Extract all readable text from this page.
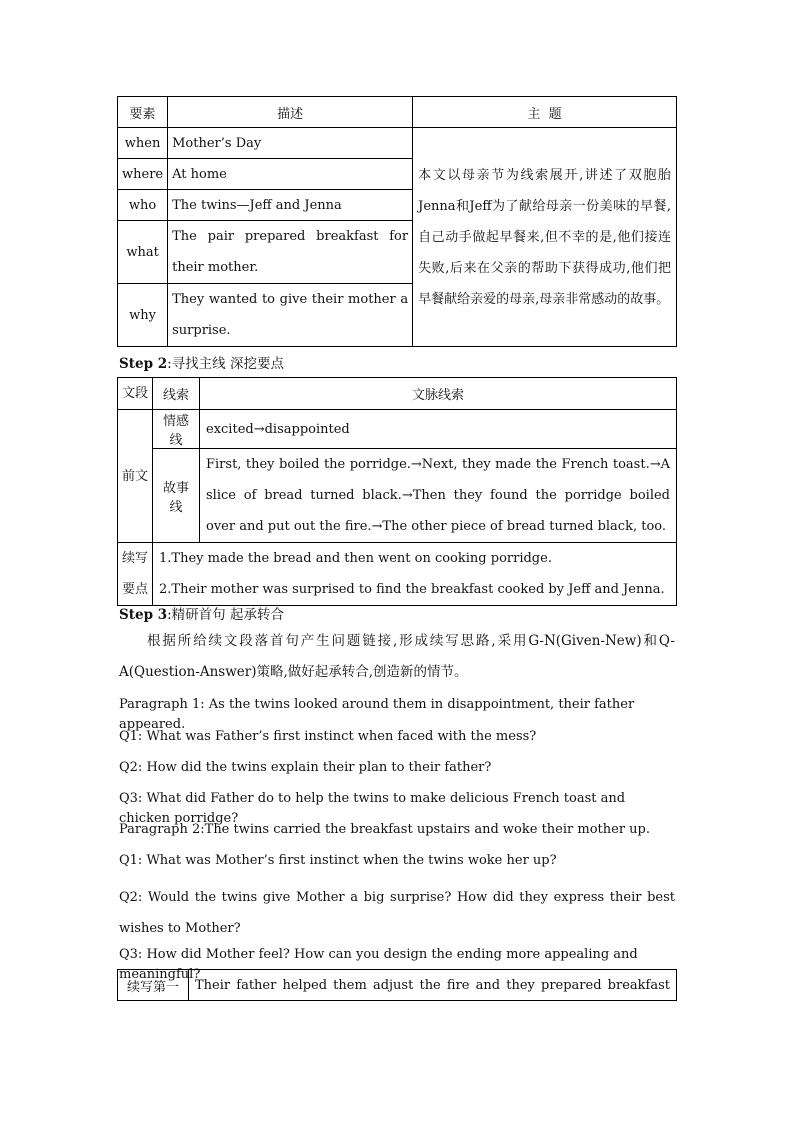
要素	描述	主  题
when	Mother’s Day	本文以母亲节为线索展开,讲述了双胞胎Jenna和Jeff为了献给母亲一份美味的早餐,自己动手做起早餐来,但不幸的是,他们接连失败,后来在父亲的帮助下获得成功,他们把早餐献给亲爱的母亲,母亲非常感动的故事。
where	At home	
who	The twins—Jeff and Jenna	
what	The pair prepared breakfast for their mother.	
why	They wanted to give their mother a surprise.	
Step 2:寻找主线 深挖要点
文段	线索	文脉线索
前文	情感线	excited→disappointed
	故事线	First, they boiled the porridge.→Next, they made the French toast.→A slice of bread turned black.→Then they found the porridge boiled over and put out the fire.→The other piece of bread turned black, too.
续写要点	1.They made the bread and then went on cooking porridge.
2.Their mother was surprised to find the breakfast cooked by Jeff and Jenna.	
Step 3:精研首句 起承转合
根据所给续文段落首句产生问题链接,形成续写思路,采用G-N(Given-New)和Q-A(Question-Answer)策略,做好起承转合,创造新的情节。
Paragraph 1: As the twins looked around them in disappointment, their father appeared.
Q1: What was Father’s first instinct when faced with the mess?
Q2: How did the twins explain their plan to their father?
Q3: What did Father do to help the twins to make delicious French toast and chicken porridge?
Paragraph 2:The twins carried the breakfast upstairs and woke their mother up.
Q1: What was Mother’s first instinct when the twins woke her up?
Q2: Would the twins give Mother a big surprise? How did they express their best wishes to Mother?
Q3: How did Mother feel? How can you design the ending more appealing and meaningful?
续写第一	Their father helped them adjust the fire and they prepared breakfast
